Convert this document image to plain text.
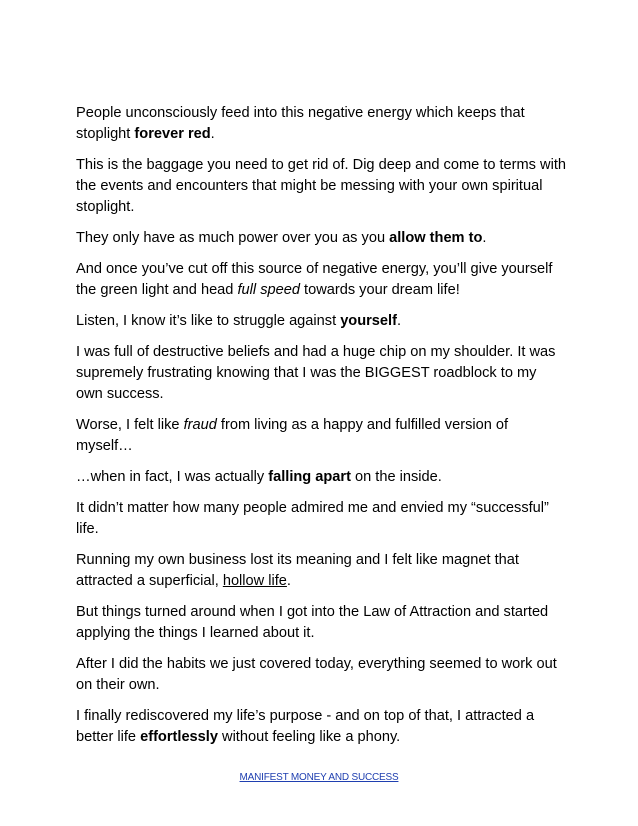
People unconsciously feed into this negative energy which keeps that stoplight forever red.

This is the baggage you need to get rid of. Dig deep and come to terms with the events and encounters that might be messing with your own spiritual stoplight.

They only have as much power over you as you allow them to.

And once you’ve cut off this source of negative energy, you’ll give yourself the green light and head full speed towards your dream life!

Listen, I know it’s like to struggle against yourself.

I was full of destructive beliefs and had a huge chip on my shoulder. It was supremely frustrating knowing that I was the BIGGEST roadblock to my own success.

Worse, I felt like fraud from living as a happy and fulfilled version of myself…

…when in fact, I was actually falling apart on the inside.

It didn’t matter how many people admired me and envied my “successful” life.

Running my own business lost its meaning and I felt like magnet that attracted a superficial, hollow life.

But things turned around when I got into the Law of Attraction and started applying the things I learned about it.

After I did the habits we just covered today, everything seemed to work out on their own.

I finally rediscovered my life’s purpose - and on top of that, I attracted a better life effortlessly without feeling like a phony.

MANIFEST MONEY AND SUCCESS
